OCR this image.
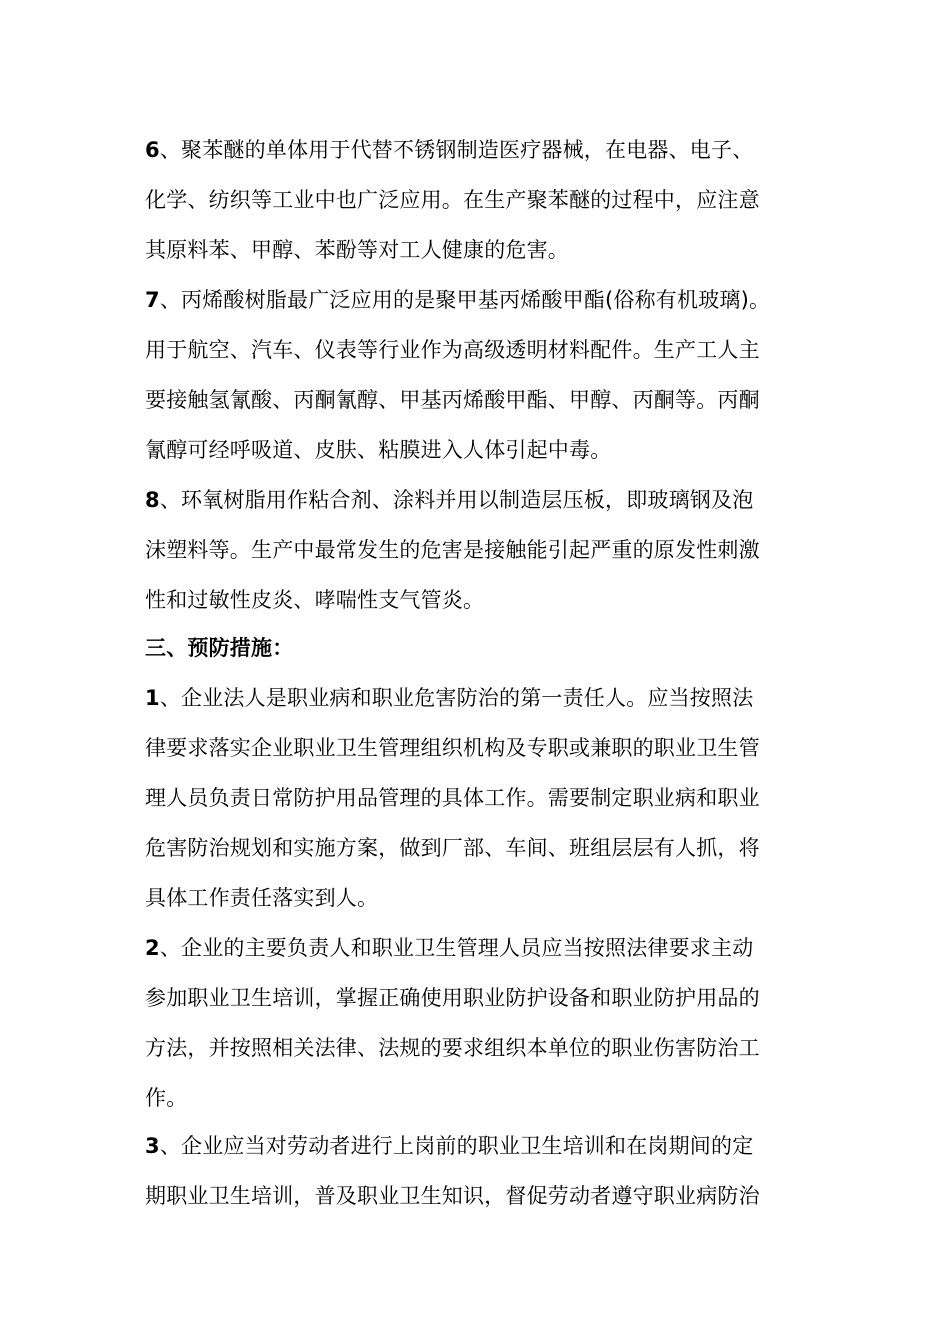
6、聚苯醚的单体用于代替不锈钢制造医疗器械，在电器、电子、
化学、纺织等工业中也广泛应用。在生产聚苯醚的过程中，应注意
其原料苯、甲醇、苯酚等对工人健康的危害。
7、丙烯酸树脂最广泛应用的是聚甲基丙烯酸甲酯(俗称有机玻璃)。
用于航空、汽车、仪表等行业作为高级透明材料配件。生产工人主
要接触氢氰酸、丙酮氰醇、甲基丙烯酸甲酯、甲醇、丙酮等。丙酮
氰醇可经呼吸道、皮肤、粘膜进入人体引起中毒。
8、环氧树脂用作粘合剂、涂料并用以制造层压板，即玻璃钢及泡
沫塑料等。生产中最常发生的危害是接触能引起严重的原发性刺激
性和过敏性皮炎、哮喘性支气管炎。
三、预防措施：
1、企业法人是职业病和职业危害防治的第一责任人。应当按照法
律要求落实企业职业卫生管理组织机构及专职或兼职的职业卫生管
理人员负责日常防护用品管理的具体工作。需要制定职业病和职业
危害防治规划和实施方案，做到厂部、车间、班组层层有人抓，将
具体工作责任落实到人。
2、企业的主要负责人和职业卫生管理人员应当按照法律要求主动
参加职业卫生培训，掌握正确使用职业防护设备和职业防护用品的
方法，并按照相关法律、法规的要求组织本单位的职业伤害防治工
作。
3、企业应当对劳动者进行上岗前的职业卫生培训和在岗期间的定
期职业卫生培训，普及职业卫生知识，督促劳动者遵守职业病防治
